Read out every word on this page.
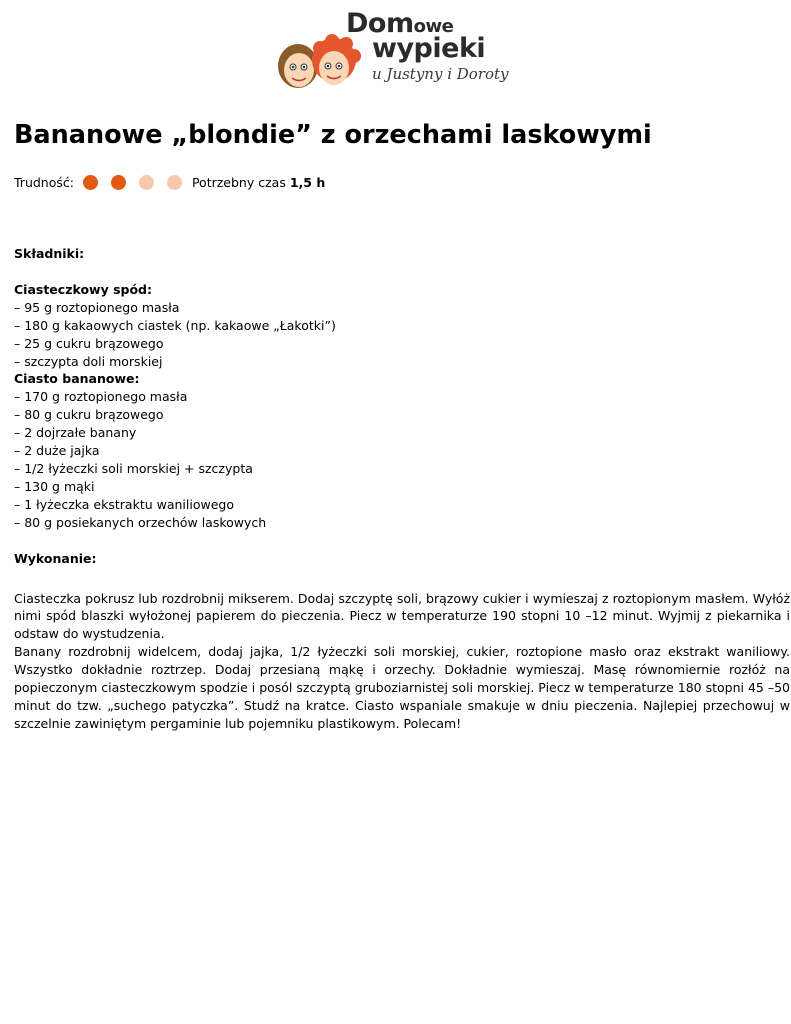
Domowe
wypieki
u Justyny i Doroty
Bananowe „blondie” z orzechami laskowymi
Trudność:	Potrzebny czas 1,5 h

Składniki:

Ciasteczkowy spód:

– 95 g roztopionego masła

– 180 g kakaowych ciastek (np. kakaowe „Łakotki”)

– 25 g cukru brązowego

– szczypta doli morskiej

Ciasto bananowe:

– 170 g roztopionego masła

– 80 g cukru brązowego

– 2 dojrzałe banany

– 2 duże jajka

– 1/2 łyżeczki soli morskiej + szczypta

– 130 g mąki

– 1 łyżeczka ekstraktu waniliowego

– 80 g posiekanych orzechów laskowych

Wykonanie:

Ciasteczka pokrusz lub rozdrobnij mikserem. Dodaj szczyptę soli, brązowy cukier i wymieszaj z roztopionym masłem. Wyłóż nimi spód blaszki wyłożonej papierem do pieczenia. Piecz w temperaturze 190 stopni 10 –12 minut. Wyjmij z piekarnika i odstaw do wystudzenia.

Banany rozdrobnij widelcem, dodaj jajka, 1/2 łyżeczki soli morskiej, cukier, roztopione masło oraz ekstrakt waniliowy. Wszystko dokładnie roztrzep. Dodaj przesianą mąkę i orzechy. Dokładnie wymieszaj. Masę równomiernie rozłóż na popieczonym ciasteczkowym spodzie i posól szczyptą gruboziarnistej soli morskiej. Piecz w temperaturze 180 stopni 45 –50 minut do tzw. „suchego patyczka”. Studź na kratce. Ciasto wspaniale smakuje w dniu pieczenia. Najlepiej przechowuj w szczelnie zawiniętym pergaminie lub pojemniku plastikowym. Polecam!
